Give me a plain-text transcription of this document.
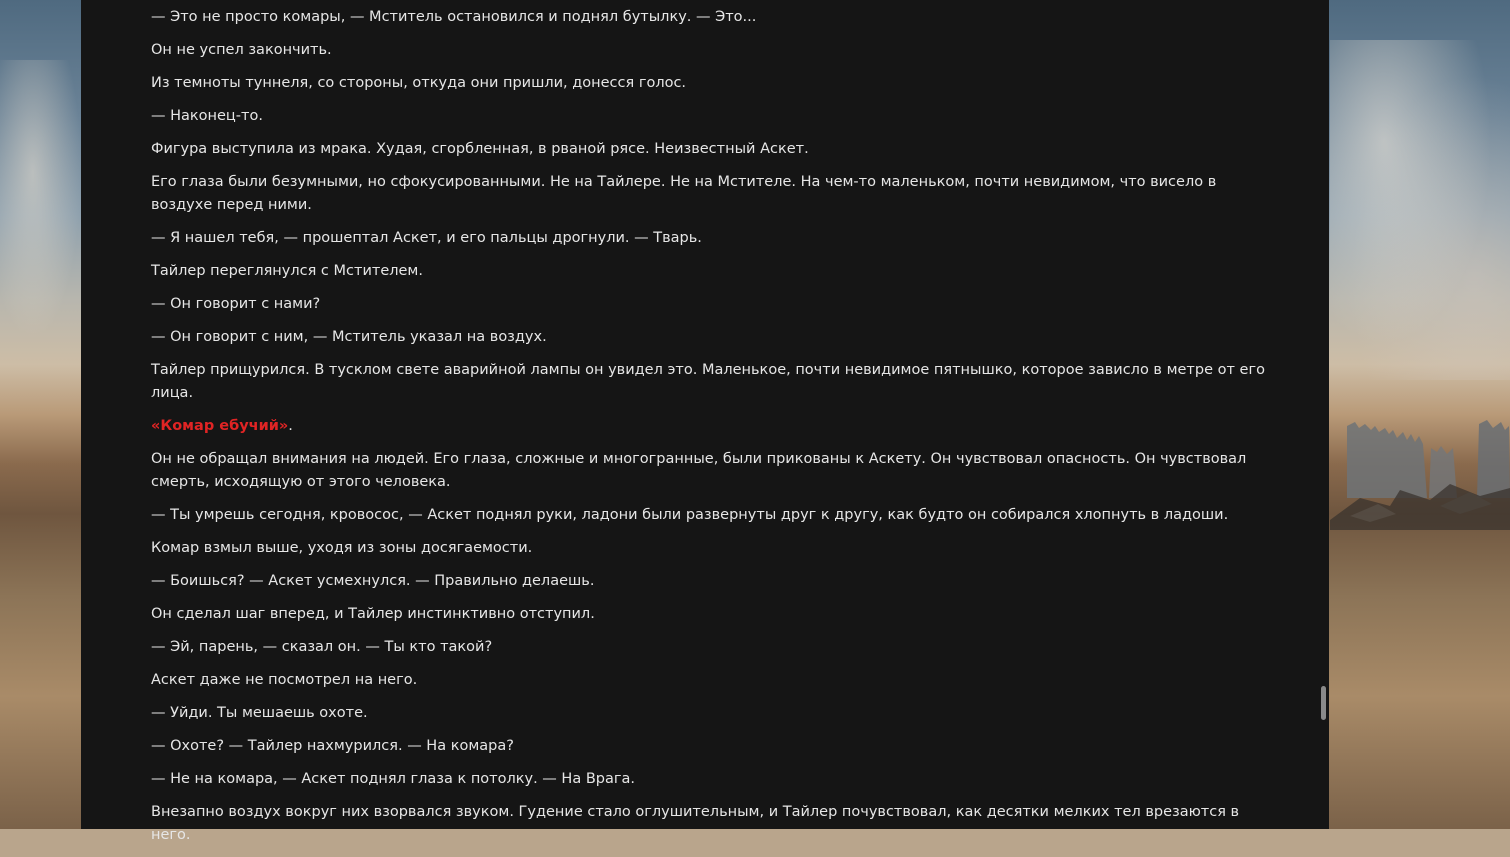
— Это не просто комары, — Мститель остановился и поднял бутылку. — Это...

Он не успел закончить.

Из темноты туннеля, со стороны, откуда они пришли, донесся голос.

— Наконец-то.

Фигура выступила из мрака. Худая, сгорбленная, в рваной рясе. Неизвестный Аскет.

Его глаза были безумными, но сфокусированными. Не на Тайлере. Не на Мстителе. На чем-то маленьком, почти невидимом, что висело в воздухе перед ними.

— Я нашел тебя, — прошептал Аскет, и его пальцы дрогнули. — Тварь.

Тайлер переглянулся с Мстителем.

— Он говорит с нами?

— Он говорит с ним, — Мститель указал на воздух.

Тайлер прищурился. В тусклом свете аварийной лампы он увидел это. Маленькое, почти невидимое пятнышко, которое зависло в метре от его лица.

«Комар ебучий».

Он не обращал внимания на людей. Его глаза, сложные и многогранные, были прикованы к Аскету. Он чувствовал опасность. Он чувствовал смерть, исходящую от этого человека.

— Ты умрешь сегодня, кровосос, — Аскет поднял руки, ладони были развернуты друг к другу, как будто он собирался хлопнуть в ладоши.

Комар взмыл выше, уходя из зоны досягаемости.

— Боишься? — Аскет усмехнулся. — Правильно делаешь.

Он сделал шаг вперед, и Тайлер инстинктивно отступил.

— Эй, парень, — сказал он. — Ты кто такой?

Аскет даже не посмотрел на него.

— Уйди. Ты мешаешь охоте.

— Охоте? — Тайлер нахмурился. — На комара?

— Не на комара, — Аскет поднял глаза к потолку. — На Врага.

Внезапно воздух вокруг них взорвался звуком. Гудение стало оглушительным, и Тайлер почувствовал, как десятки мелких тел врезаются в него.
